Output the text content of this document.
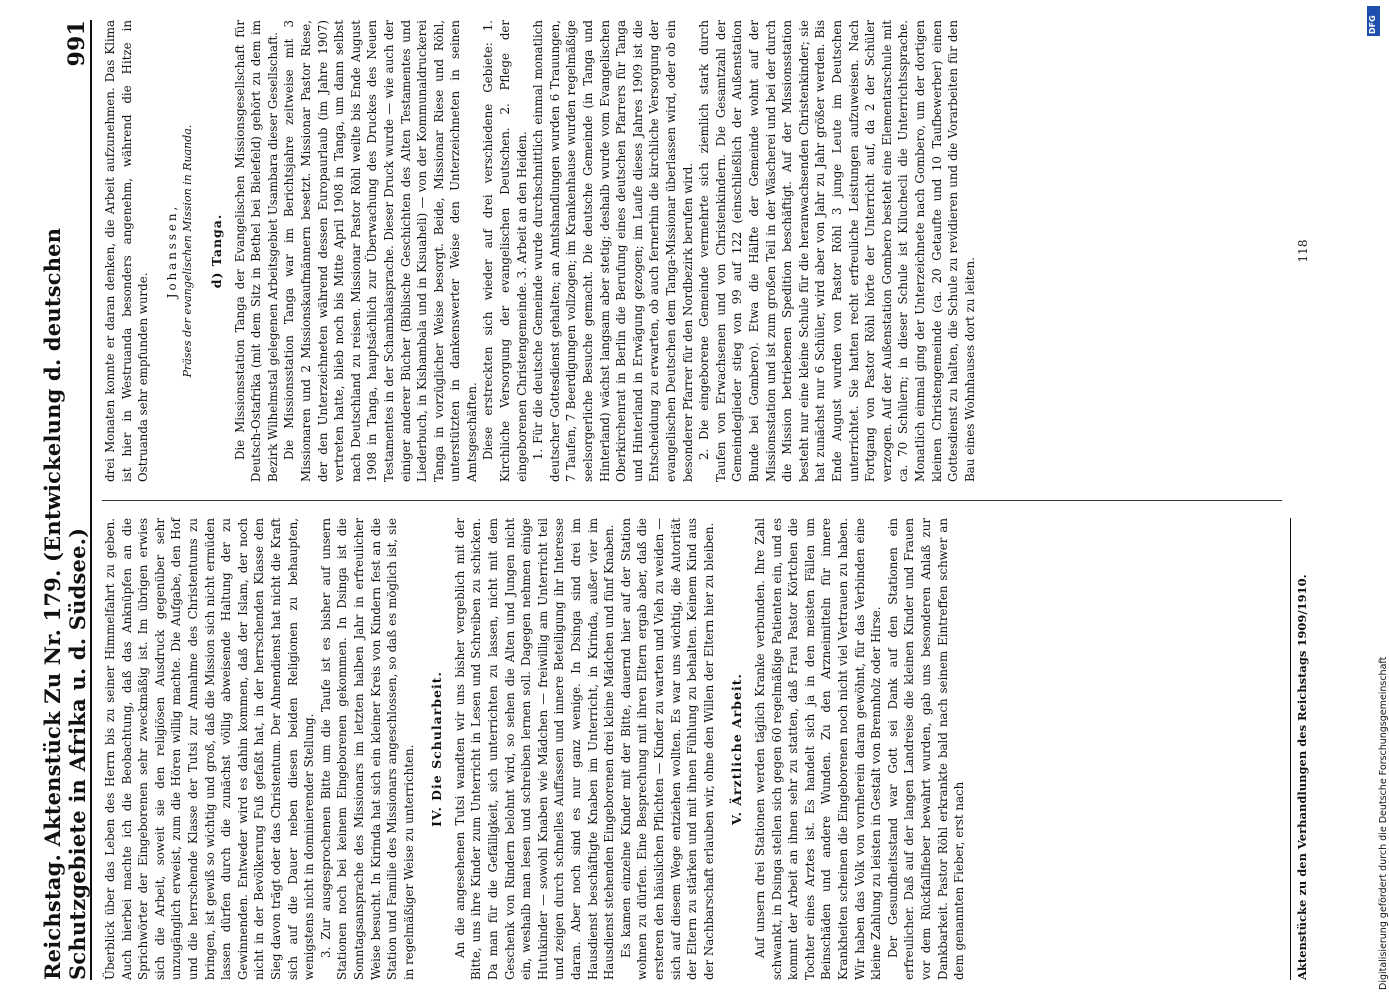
Reichstag. Aktenstück Zu Nr. 179. (Entwickelung d. deutschen Schutzgebiete in Afrika u. d. Südsee.)
991

Überblick über das Leben des Herrn bis zu seiner Himmelfahrt zu geben. Auch hierbei machte ich die Beobachtung, daß das Anknüpfen an die Sprichwörter der Eingeborenen sehr zweckmäßig ist. Im übrigen erwies sich die Arbeit, soweit sie den religiösen Ausdruck gegenüber sehr unzugänglich erweist, zum die Hören willig machte. Die Aufgabe, den Hof und die herrschende Klasse der Tutsi zur Annahme des Christentums zu bringen, ist gewiß so wichtig und groß, daß die Mission sich nicht ermüden lassen dürfen durch die zunächst völlig abweisende Haltung der zu Gewinnenden. Entweder wird es dahin kommen, daß der Islam, der noch nicht in der Bevölkerung Fuß gefaßt hat, in der herrschenden Klasse den Sieg davon trägt oder das Christentum. Der Ahnendienst hat nicht die Kraft sich auf die Dauer neben diesen beiden Religionen zu behaupten, wenigstens nicht in dominierender Stellung. 3. Zur ausgesprochenen Bitte um die Taufe ist es bisher auf unsern Stationen noch bei keinem Eingeborenen gekommen. In Dsinga ist die Sonntagsansprache des Missionars im letzten halben Jahr in erfreulicher Weise besucht. In Kirinda hat sich ein kleiner Kreis von Kindern fest an die Station und Familie des Missionars angeschlossen, so daß es möglich ist, sie in regelmäßiger Weise zu unterrichten. IV. Die Schularbeit. An die angesehenen Tutsi wandten wir uns bisher vergeblich mit der Bitte, uns ihre Kinder zum Unterricht in Lesen und Schreiben zu schicken. Da man für die Gefälligkeit, sich unterrichten zu lassen, nicht mit dem Geschenk von Rindern belohnt wird, so sehen die Alten und Jungen nicht ein, weshalb man lesen und schreiben lernen soll. Dagegen nehmen einige Hutukinder — sowohl Knaben wie Mädchen — freiwillig am Unterricht teil und zeigen durch schnelles Auffassen und innere Beteiligung ihr Interesse daran. Aber noch sind es nur ganz wenige. In Dsinga sind drei im Hausdienst beschäftigte Knaben im Unterricht, in Kirinda, außer vier im Hausdienst stehenden Eingeborenen drei kleine Mädchen und fünf Knaben. Es kamen einzelne Kinder mit der Bitte, dauernd hier auf der Station wohnen zu dürfen. Eine Besprechung mit ihren Eltern ergab aber, daß die ersteren den häuslichen Pflichten — Kinder zu warten und Vieh zu weiden — sich auf diesem Wege entziehen wollten. Es war uns wichtig, die Autorität der Eltern zu stärken und mit ihnen Fühlung zu behalten. Keinem Kind aus der Nachbarschaft erlauben wir, ohne den Willen der Eltern hier zu bleiben. V. Ärztliche Arbeit. Auf unsern drei Stationen werden täglich Kranke verbunden. Ihre Zahl schwankt, in Dsinga stellen sich gegen 60 regelmäßige Patienten ein, und es kommt der Arbeit an ihnen sehr zu statten, daß Frau Pastor Körtchen die Tochter eines Arztes ist. Es handelt sich ja in den meisten Fällen um Beinschäden und andere Wunden. Zu den Arzneimitteln für innere Krankheiten scheinen die Eingeborenen noch nicht viel Vertrauen zu haben. Wir haben das Volk von vornherein daran gewöhnt, für das Verbinden eine kleine Zahlung zu leisten in Gestalt von Brennholz oder Hirse. Der Gesundheitsstand war Gott sei Dank auf den Stationen ein erfreulicher. Daß auf der langen Landreise die kleinen Kinder und Frauen vor dem Rückfallfieber bewahrt wurden, gab uns besonderen Anlaß zur Dankbarkeit. Pastor Röhl erkrankte bald nach seinem Eintreffen schwer an dem genannten Fieber, erst nach

drei Monaten konnte er daran denken, die Arbeit aufzunehmen. Das Klima ist hier in Westruanda besonders angenehm, während die Hitze in Ostruanda sehr empfunden wurde.

Johanssen, Präses der evangelischen Mission in Ruanda. d) Tanga. Die Missionsstation Tanga der Evangelischen Missionsgesellschaft für Deutsch-Ostafrika (mit dem Sitz in Bethel bei Bielefeld) gehört zu dem im Bezirk Wilhelmstal gelegenen Arbeitsgebiet Usambara dieser Gesellschaft. Die Missionsstation Tanga war im Berichtsjahre zeitweise mit 3 Missionaren und 2 Missionskaufmännern besetzt. Missionar Pastor Riese, der den Unterzeichneten während dessen Europaurlaub (im Jahre 1907) vertreten hatte, blieb noch bis Mitte April 1908 in Tanga, um dann selbst nach Deutschland zu reisen. Missionar Pastor Röhl weilte bis Ende August 1908 in Tanga, hauptsächlich zur Überwachung des Druckes des Neuen Testamentes in der Schambalasprache. Dieser Druck wurde — wie auch der einiger anderer Bücher (Biblische Geschichten des Alten Testamentes und Liederbuch, in Kishambala und in Kisuaheli) — von der Kommunaldruckerei Tanga in vorzüglicher Weise besorgt. Beide, Missionar Riese und Röhl, unterstützten in dankenswerter Weise den Unterzeichneten in seinen Amtsgeschäften. Diese erstreckten sich wieder auf drei verschiedene Gebiete: 1. Kirchliche Versorgung der evangelischen Deutschen. 2. Pflege der eingeborenen Christengemeinde. 3. Arbeit an den Heiden. 1. Für die deutsche Gemeinde wurde durchschnittlich einmal monatlich deutscher Gottesdienst gehalten; an Amtshandlungen wurden 6 Trauungen, 7 Taufen, 7 Beerdigungen vollzogen; im Krankenhause wurden regelmäßige seelsorgerliche Besuche gemacht. Die deutsche Gemeinde (in Tanga und Hinterland) wächst langsam aber stetig; deshalb wurde vom Evangelischen Oberkirchenrat in Berlin die Berufung eines deutschen Pfarrers für Tanga und Hinterland in Erwägung gezogen; im Laufe dieses Jahres 1909 ist die Entscheidung zu erwarten, ob auch fernerhin die kirchliche Versorgung der evangelischen Deutschen dem Tanga-Missionar überlassen wird, oder ob ein besonderer Pfarrer für den Nordbezirk berufen wird. 2. Die eingeborene Gemeinde vermehrte sich ziemlich stark durch Taufen von Erwachsenen und von Christenkindern. Die Gesamtzahl der Gemeindeglieder stieg von 99 auf 122 (einschließlich der Außenstation Bunde bei Gombero). Etwa die Hälfte der Gemeinde wohnt auf der Missionsstation und ist zum großen Teil in der Wäscherei und bei der durch die Mission betriebenen Spedition beschäftigt. Auf der Missionsstation besteht nur eine kleine Schule für die heranwachsenden Christenkinder; sie hat zunächst nur 6 Schüler, wird aber von Jahr zu Jahr größer werden. Bis Ende August wurden von Pastor Röhl 3 junge Leute im Deutschen unterrichtet. Sie hatten recht erfreuliche Leistungen aufzuweisen. Nach Fortgang von Pastor Röhl hörte der Unterricht auf, da 2 der Schüler verzogen. Auf der Außenstation Gombero besteht eine Elementarschule mit ca. 70 Schülern; in dieser Schule ist Kiluchecli die Unterrichtssprache. Monatlich einmal ging der Unterzeichnete nach Gombero, um der dortigen kleinen Christengemeinde (ca. 20 Getaufte und 10 Taufbewerber) einen Gottesdienst zu halten, die Schule zu revidieren und die Vorarbeiten für den Bau eines Wohnhauses dort zu leiten.

Aktenstücke zu den Verhandlungen des Reichstags 1909/1910.
118
Digitalisierung gefördert durch die Deutsche Forschungsgemeinschaft
DFG
